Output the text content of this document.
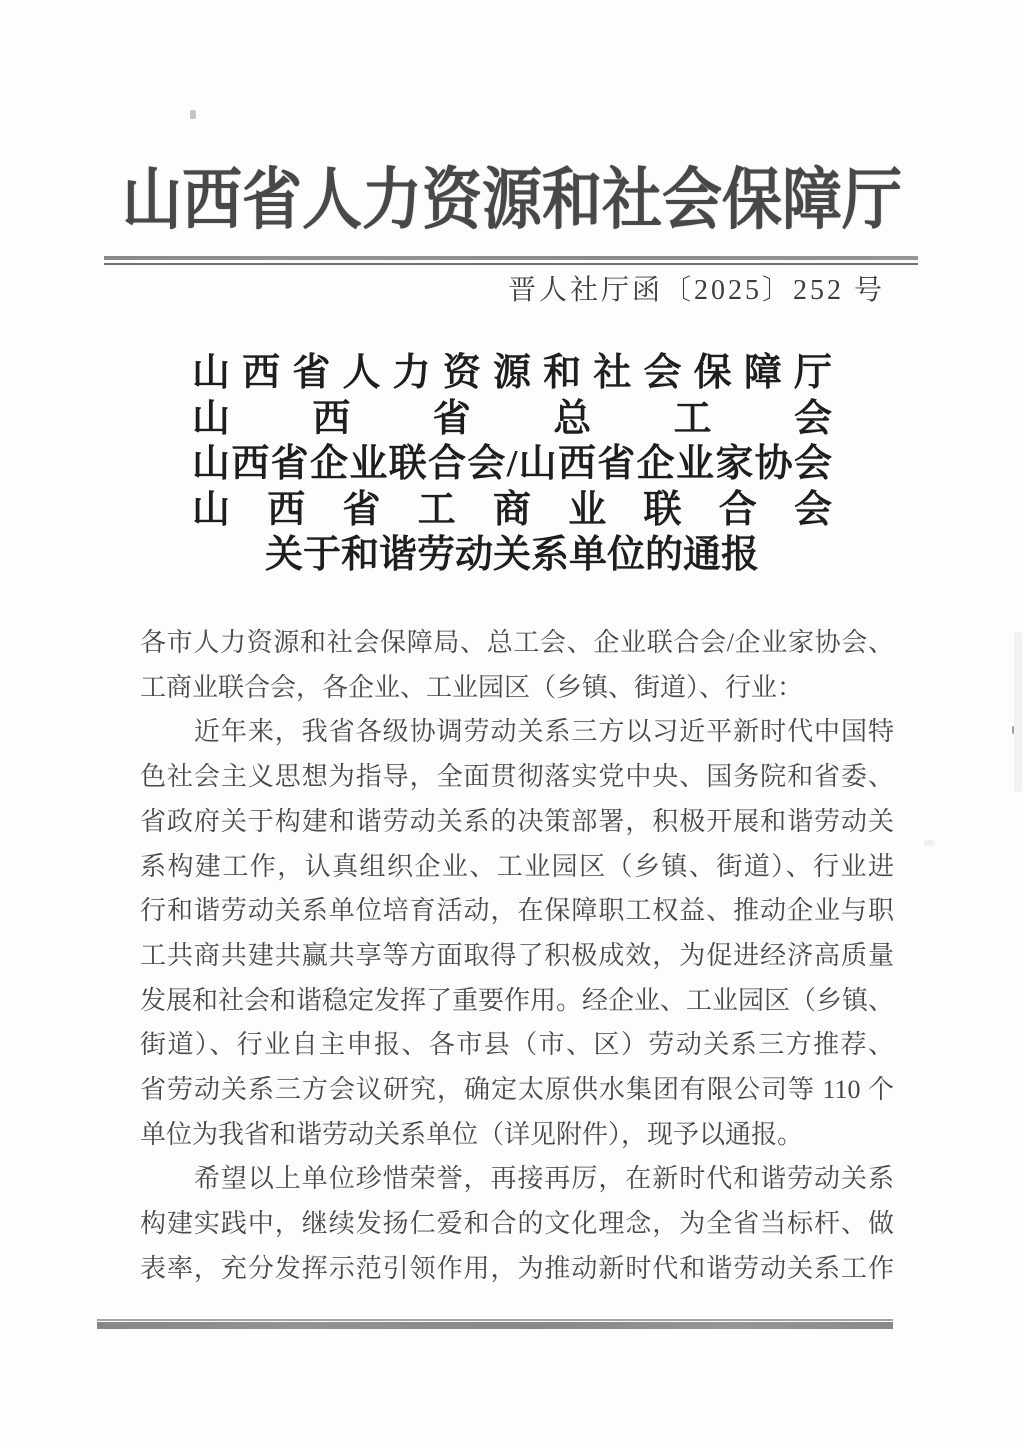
山西省人力资源和社会保障厅
晋人社厅函〔2025〕252 号
山西省人力资源和社会保障厅
山西省总工会
山西省企业联合会/山西省企业家协会
山西省工商业联合会
关于和谐劳动关系单位的通报
各市人力资源和社会保障局、总工会、企业联合会/企业家协会、
工商业联合会，各企业、工业园区（乡镇、街道）、行业：
　　近年来，我省各级协调劳动关系三方以习近平新时代中国特
色社会主义思想为指导，全面贯彻落实党中央、国务院和省委、
省政府关于构建和谐劳动关系的决策部署，积极开展和谐劳动关
系构建工作，认真组织企业、工业园区（乡镇、街道）、行业进
行和谐劳动关系单位培育活动，在保障职工权益、推动企业与职
工共商共建共赢共享等方面取得了积极成效，为促进经济高质量
发展和社会和谐稳定发挥了重要作用。经企业、工业园区（乡镇、
街道）、行业自主申报、各市县（市、区）劳动关系三方推荐、
省劳动关系三方会议研究，确定太原供水集团有限公司等 110 个
单位为我省和谐劳动关系单位（详见附件），现予以通报。
　　希望以上单位珍惜荣誉，再接再厉，在新时代和谐劳动关系
构建实践中，继续发扬仁爱和合的文化理念，为全省当标杆、做
表率，充分发挥示范引领作用，为推动新时代和谐劳动关系工作
